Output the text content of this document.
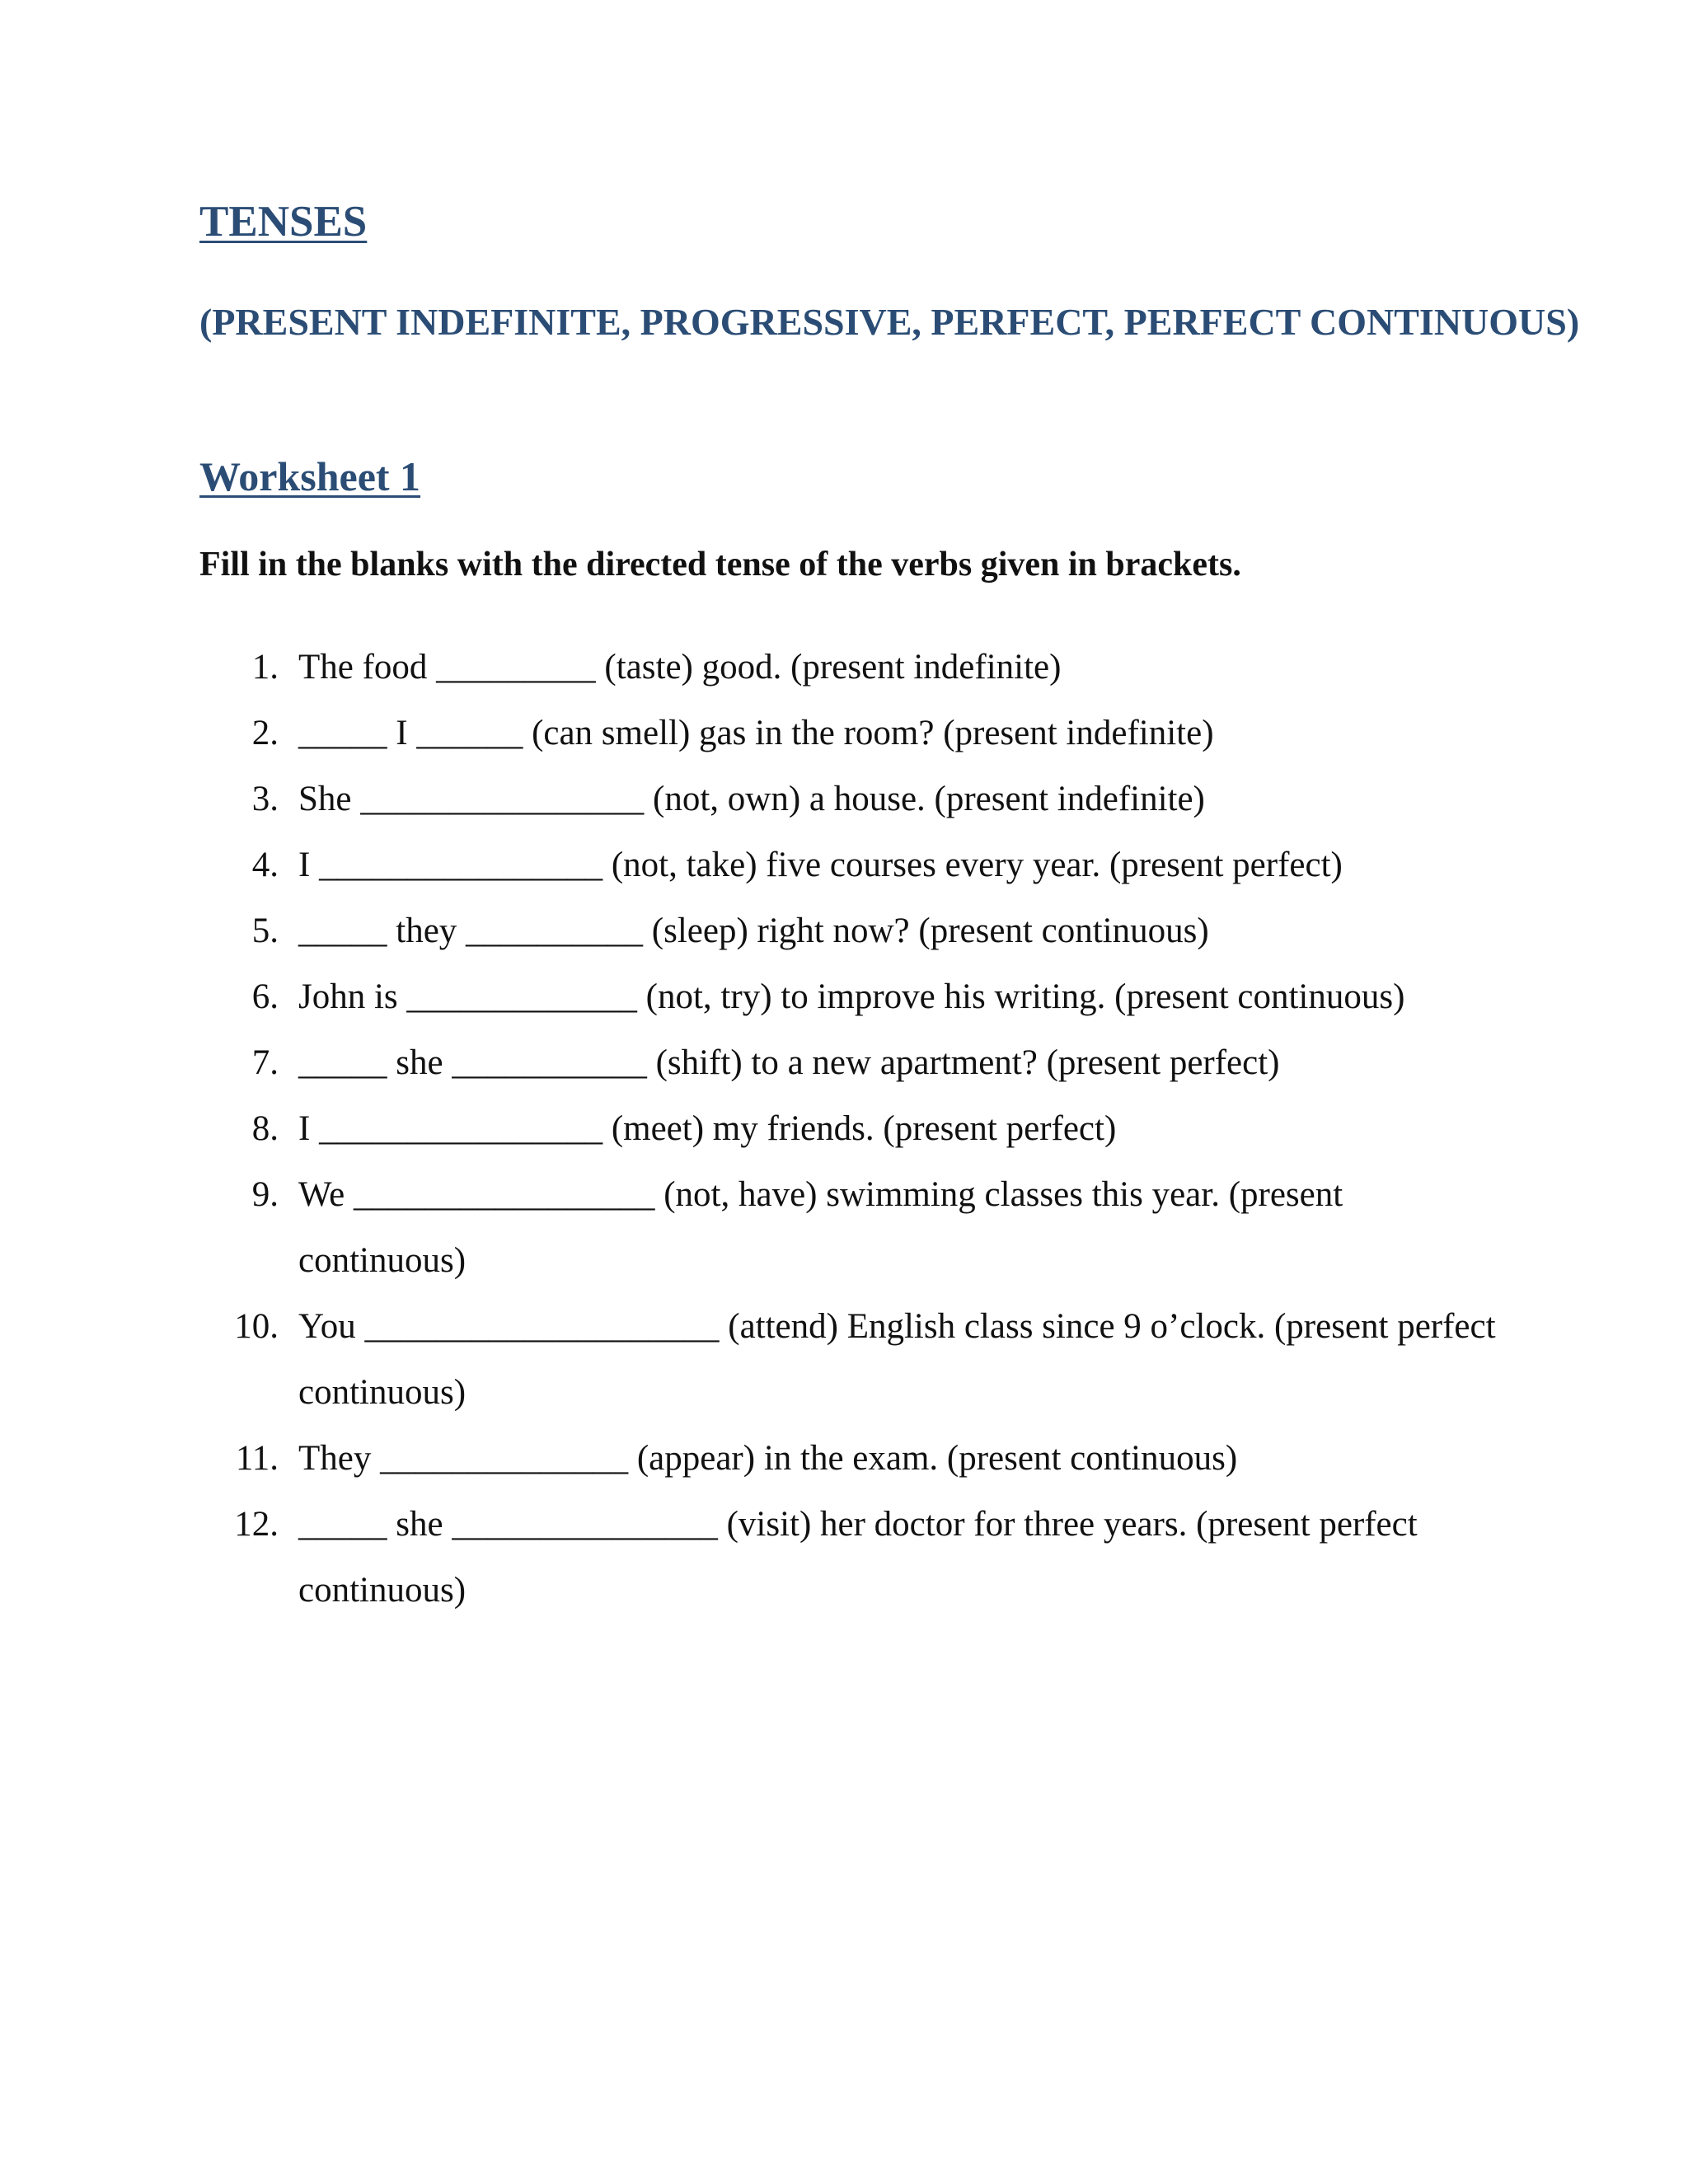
TENSES
(PRESENT INDEFINITE, PROGRESSIVE, PERFECT, PERFECT CONTINUOUS)
Worksheet 1

Fill in the blanks with the directed tense of the verbs given in brackets.

1. The food _________ (taste) good. (present indefinite)
2. _____ I ______ (can smell) gas in the room? (present indefinite)
3. She ________________ (not, own) a house. (present indefinite)
4. I ________________ (not, take) five courses every year. (present perfect)
5. _____ they __________ (sleep) right now? (present continuous)
6. John is _____________ (not, try) to improve his writing. (present continuous)
7. _____ she ___________ (shift) to a new apartment? (present perfect)
8. I ________________ (meet) my friends. (present perfect)
9. We _________________ (not, have) swimming classes this year. (present continuous)
10. You ____________________ (attend) English class since 9 o’clock. (present perfect continuous)
11. They ______________ (appear) in the exam. (present continuous)
12. _____ she _______________ (visit) her doctor for three years. (present perfect continuous)
